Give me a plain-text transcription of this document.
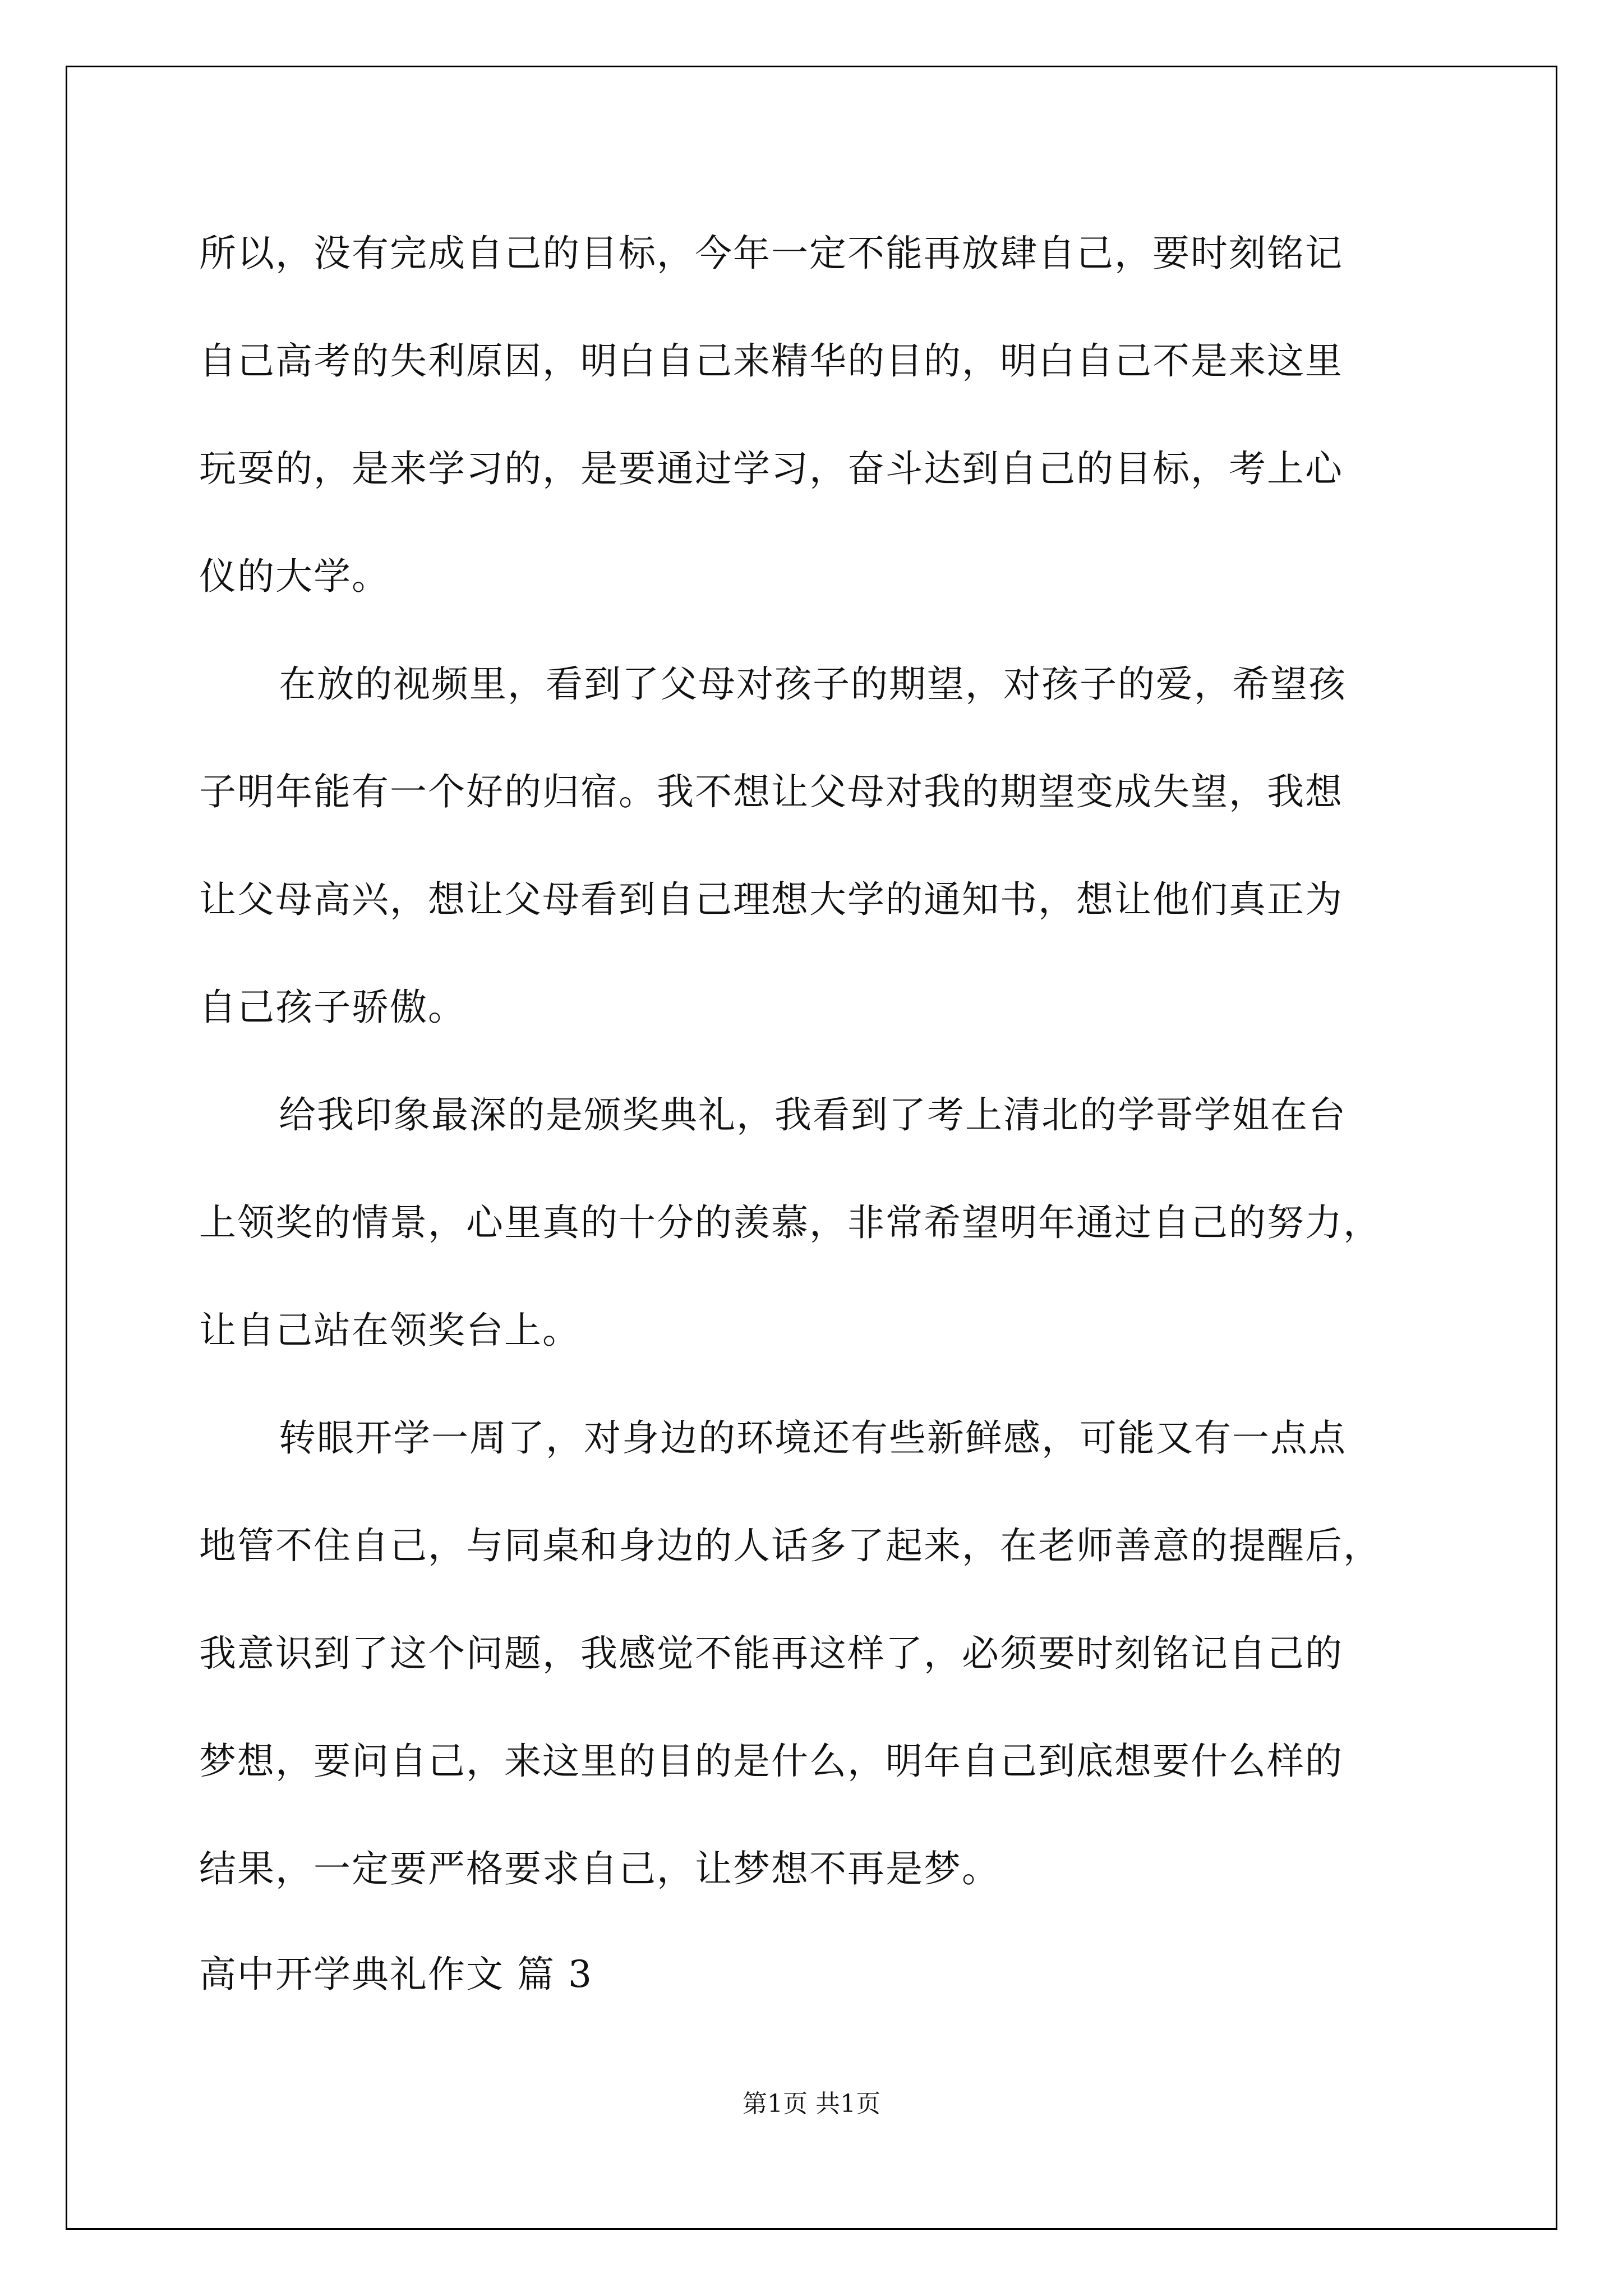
所以，没有完成自己的目标，今年一定不能再放肆自己，要时刻铭记
自己高考的失利原因，明白自己来精华的目的，明白自己不是来这里
玩耍的，是来学习的，是要通过学习，奋斗达到自己的目标，考上心
仪的大学。
在放的视频里，看到了父母对孩子的期望，对孩子的爱，希望孩
子明年能有一个好的归宿。我不想让父母对我的期望变成失望，我想
让父母高兴，想让父母看到自己理想大学的通知书，想让他们真正为
自己孩子骄傲。
给我印象最深的是颁奖典礼，我看到了考上清北的学哥学姐在台
上领奖的情景，心里真的十分的羡慕，非常希望明年通过自己的努力，
让自己站在领奖台上。
转眼开学一周了，对身边的环境还有些新鲜感，可能又有一点点
地管不住自己，与同桌和身边的人话多了起来，在老师善意的提醒后，
我意识到了这个问题，我感觉不能再这样了，必须要时刻铭记自己的
梦想，要问自己，来这里的目的是什么，明年自己到底想要什么样的
结果，一定要严格要求自己，让梦想不再是梦。
高中开学典礼作文 篇 3
第1页 共1页
